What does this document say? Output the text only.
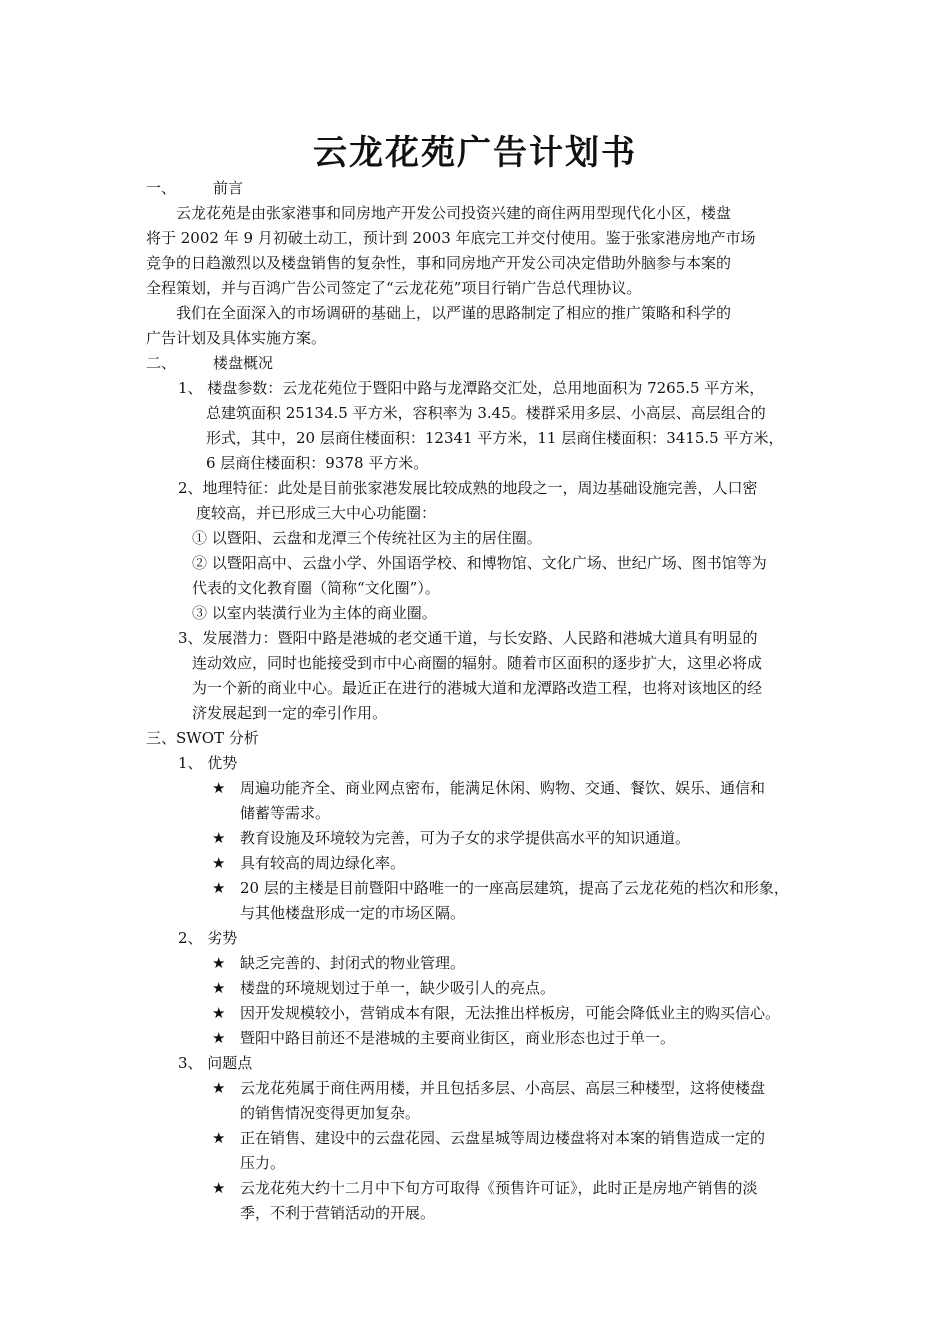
云龙花苑广告计划书
一、 前言
云龙花苑是由张家港事和同房地产开发公司投资兴建的商住两用型现代化小区，楼盘
将于 2002 年 9 月初破土动工，预计到 2003 年底完工并交付使用。鉴于张家港房地产市场
竞争的日趋激烈以及楼盘销售的复杂性，事和同房地产开发公司决定借助外脑参与本案的
全程策划，并与百鸿广告公司签定了“云龙花苑”项目行销广告总代理协议。
我们在全面深入的市场调研的基础上，以严谨的思路制定了相应的推广策略和科学的
广告计划及具体实施方案。
二、 楼盘概况
1、 楼盘参数：云龙花苑位于暨阳中路与龙潭路交汇处，总用地面积为 7265.5 平方米，
总建筑面积 25134.5 平方米，容积率为 3.45。楼群采用多层、小高层、高层组合的
形式，其中，20 层商住楼面积：12341 平方米，11 层商住楼面积：3415.5 平方米，
6 层商住楼面积：9378 平方米。
2、地理特征：此处是目前张家港发展比较成熟的地段之一，周边基础设施完善，人口密
度较高，并已形成三大中心功能圈：
① 以暨阳、云盘和龙潭三个传统社区为主的居住圈。
② 以暨阳高中、云盘小学、外国语学校、和博物馆、文化广场、世纪广场、图书馆等为
代表的文化教育圈（简称“文化圈”）。
③ 以室内装潢行业为主体的商业圈。
3、发展潜力：暨阳中路是港城的老交通干道，与长安路、人民路和港城大道具有明显的
连动效应，同时也能接受到市中心商圈的辐射。随着市区面积的逐步扩大，这里必将成
为一个新的商业中心。最近正在进行的港城大道和龙潭路改造工程，也将对该地区的经
济发展起到一定的牵引作用。
三、SWOT 分析
1、 优势
★ 周遍功能齐全、商业网点密布，能满足休闲、购物、交通、餐饮、娱乐、通信和
储蓄等需求。
★ 教育设施及环境较为完善，可为子女的求学提供高水平的知识通道。
★ 具有较高的周边绿化率。
★ 20 层的主楼是目前暨阳中路唯一的一座高层建筑，提高了云龙花苑的档次和形象，
与其他楼盘形成一定的市场区隔。
2、 劣势
★ 缺乏完善的、封闭式的物业管理。
★ 楼盘的环境规划过于单一，缺少吸引人的亮点。
★ 因开发规模较小，营销成本有限，无法推出样板房，可能会降低业主的购买信心。
★ 暨阳中路目前还不是港城的主要商业街区，商业形态也过于单一。
3、 问题点
★ 云龙花苑属于商住两用楼，并且包括多层、小高层、高层三种楼型，这将使楼盘
的销售情况变得更加复杂。
★ 正在销售、建设中的云盘花园、云盘星城等周边楼盘将对本案的销售造成一定的
压力。
★ 云龙花苑大约十二月中下旬方可取得《预售许可证》，此时正是房地产销售的淡
季，不利于营销活动的开展。
